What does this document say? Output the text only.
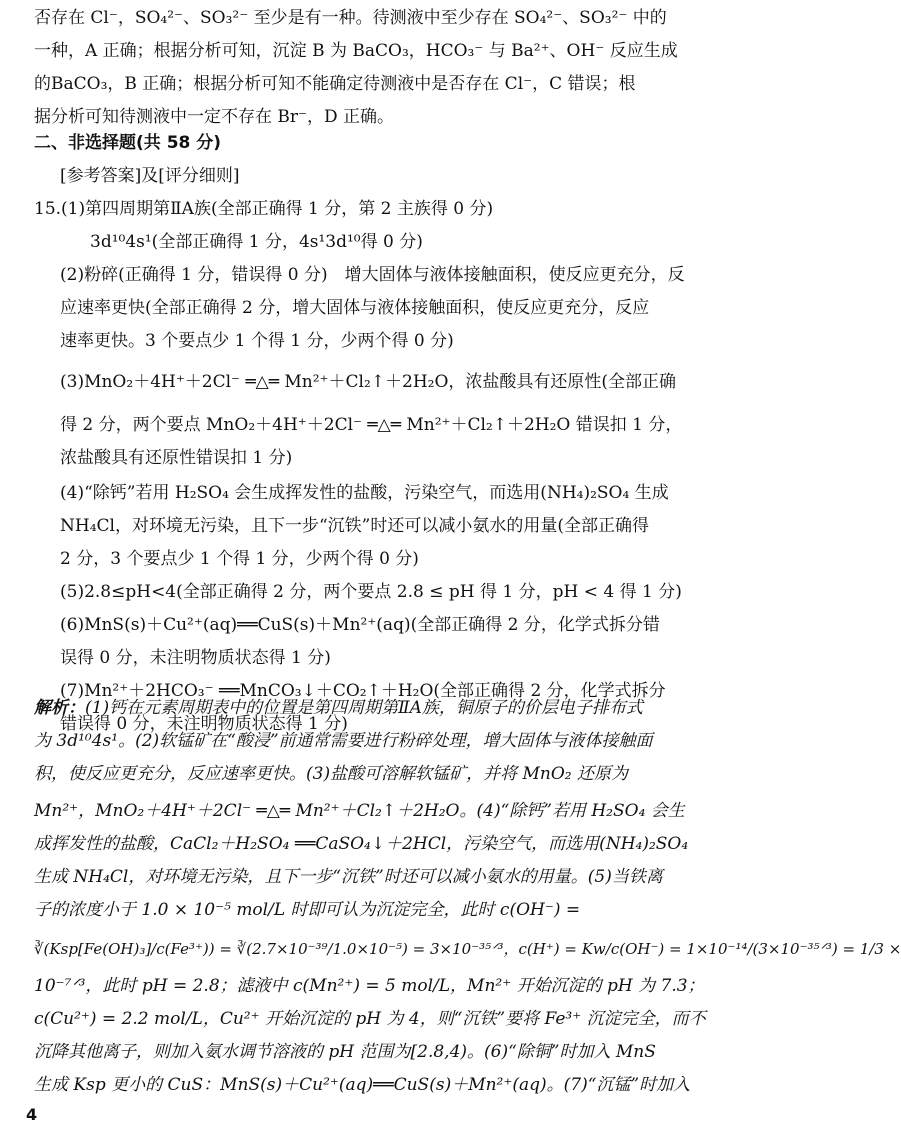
否存在 Cl⁻，SO₄²⁻、SO₃²⁻ 至少是有一种。待测液中至少存在 SO₄²⁻、SO₃²⁻ 中的

一种，A 正确；根据分析可知，沉淀 B 为 BaCO₃，HCO₃⁻ 与 Ba²⁺、OH⁻ 反应生成

的BaCO₃，B 正确；根据分析可知不能确定待测液中是否存在 Cl⁻，C 错误；根

据分析可知待测液中一定不存在 Br⁻，D 正确。

二、非选择题(共 58 分)

[参考答案]及[评分细则]

15.(1)第四周期第ⅡA族(全部正确得 1 分，第 2 主族得 0 分)

3d¹⁰4s¹(全部正确得 1 分，4s¹3d¹⁰得 0 分)

(2)粉碎(正确得 1 分，错误得 0 分)　增大固体与液体接触面积，使反应更充分，反

应速率更快(全部正确得 2 分，增大固体与液体接触面积，使反应更充分，反应

速率更快。3 个要点少 1 个得 1 分，少两个得 0 分)

(3)MnO₂＋4H⁺＋2Cl⁻ ═△═ Mn²⁺＋Cl₂↑＋2H₂O，浓盐酸具有还原性(全部正确

得 2 分，两个要点 MnO₂＋4H⁺＋2Cl⁻ ═△═ Mn²⁺＋Cl₂↑＋2H₂O 错误扣 1 分，

浓盐酸具有还原性错误扣 1 分)

(4)“除钙”若用 H₂SO₄ 会生成挥发性的盐酸，污染空气，而选用(NH₄)₂SO₄ 生成

NH₄Cl，对环境无污染，且下一步“沉铁”时还可以减小氨水的用量(全部正确得

2 分，3 个要点少 1 个得 1 分，少两个得 0 分)

(5)2.8≤pH<4(全部正确得 2 分，两个要点 2.8 ≤ pH 得 1 分，pH < 4 得 1 分)

(6)MnS(s)＋Cu²⁺(aq)══CuS(s)＋Mn²⁺(aq)(全部正确得 2 分，化学式拆分错

误得 0 分，未注明物质状态得 1 分)

(7)Mn²⁺＋2HCO₃⁻ ══MnCO₃↓＋CO₂↑＋H₂O(全部正确得 2 分，化学式拆分

错误得 0 分，未注明物质状态得 1 分)

解析：(1)钙在元素周期表中的位置是第四周期第ⅡA族，铜原子的价层电子排布式

为 3d¹⁰4s¹。(2)软锰矿在“酸浸”前通常需要进行粉碎处理，增大固体与液体接触面

积，使反应更充分，反应速率更快。(3)盐酸可溶解软锰矿，并将 MnO₂ 还原为

Mn²⁺，MnO₂＋4H⁺＋2Cl⁻ ═△═ Mn²⁺＋Cl₂↑＋2H₂O。(4)“除钙”若用 H₂SO₄ 会生

成挥发性的盐酸，CaCl₂＋H₂SO₄ ══CaSO₄↓＋2HCl，污染空气，而选用(NH₄)₂SO₄

生成 NH₄Cl，对环境无污染，且下一步“沉铁”时还可以减小氨水的用量。(5)当铁离

子的浓度小于 1.0 × 10⁻⁵ mol/L 时即可认为沉淀完全，此时 c(OH⁻) =

∛(Ksp[Fe(OH)₃]/c(Fe³⁺)) = ∛(2.7×10⁻³⁹/1.0×10⁻⁵) = 3×10⁻³⁵ᐟ³，c(H⁺) = Kw/c(OH⁻) = 1×10⁻¹⁴/(3×10⁻³⁵ᐟ³) = 1/3 ×

10⁻⁷ᐟ³，此时 pH = 2.8；滤液中 c(Mn²⁺) = 5 mol/L，Mn²⁺ 开始沉淀的 pH 为 7.3；

c(Cu²⁺) = 2.2 mol/L，Cu²⁺ 开始沉淀的 pH 为 4，则“沉铁”要将 Fe³⁺ 沉淀完全，而不

沉降其他离子，则加入氨水调节溶液的 pH 范围为[2.8,4)。(6)“除铜”时加入 MnS

生成 Ksp 更小的 CuS：MnS(s)＋Cu²⁺(aq)══CuS(s)＋Mn²⁺(aq)。(7)“沉锰”时加入

4
